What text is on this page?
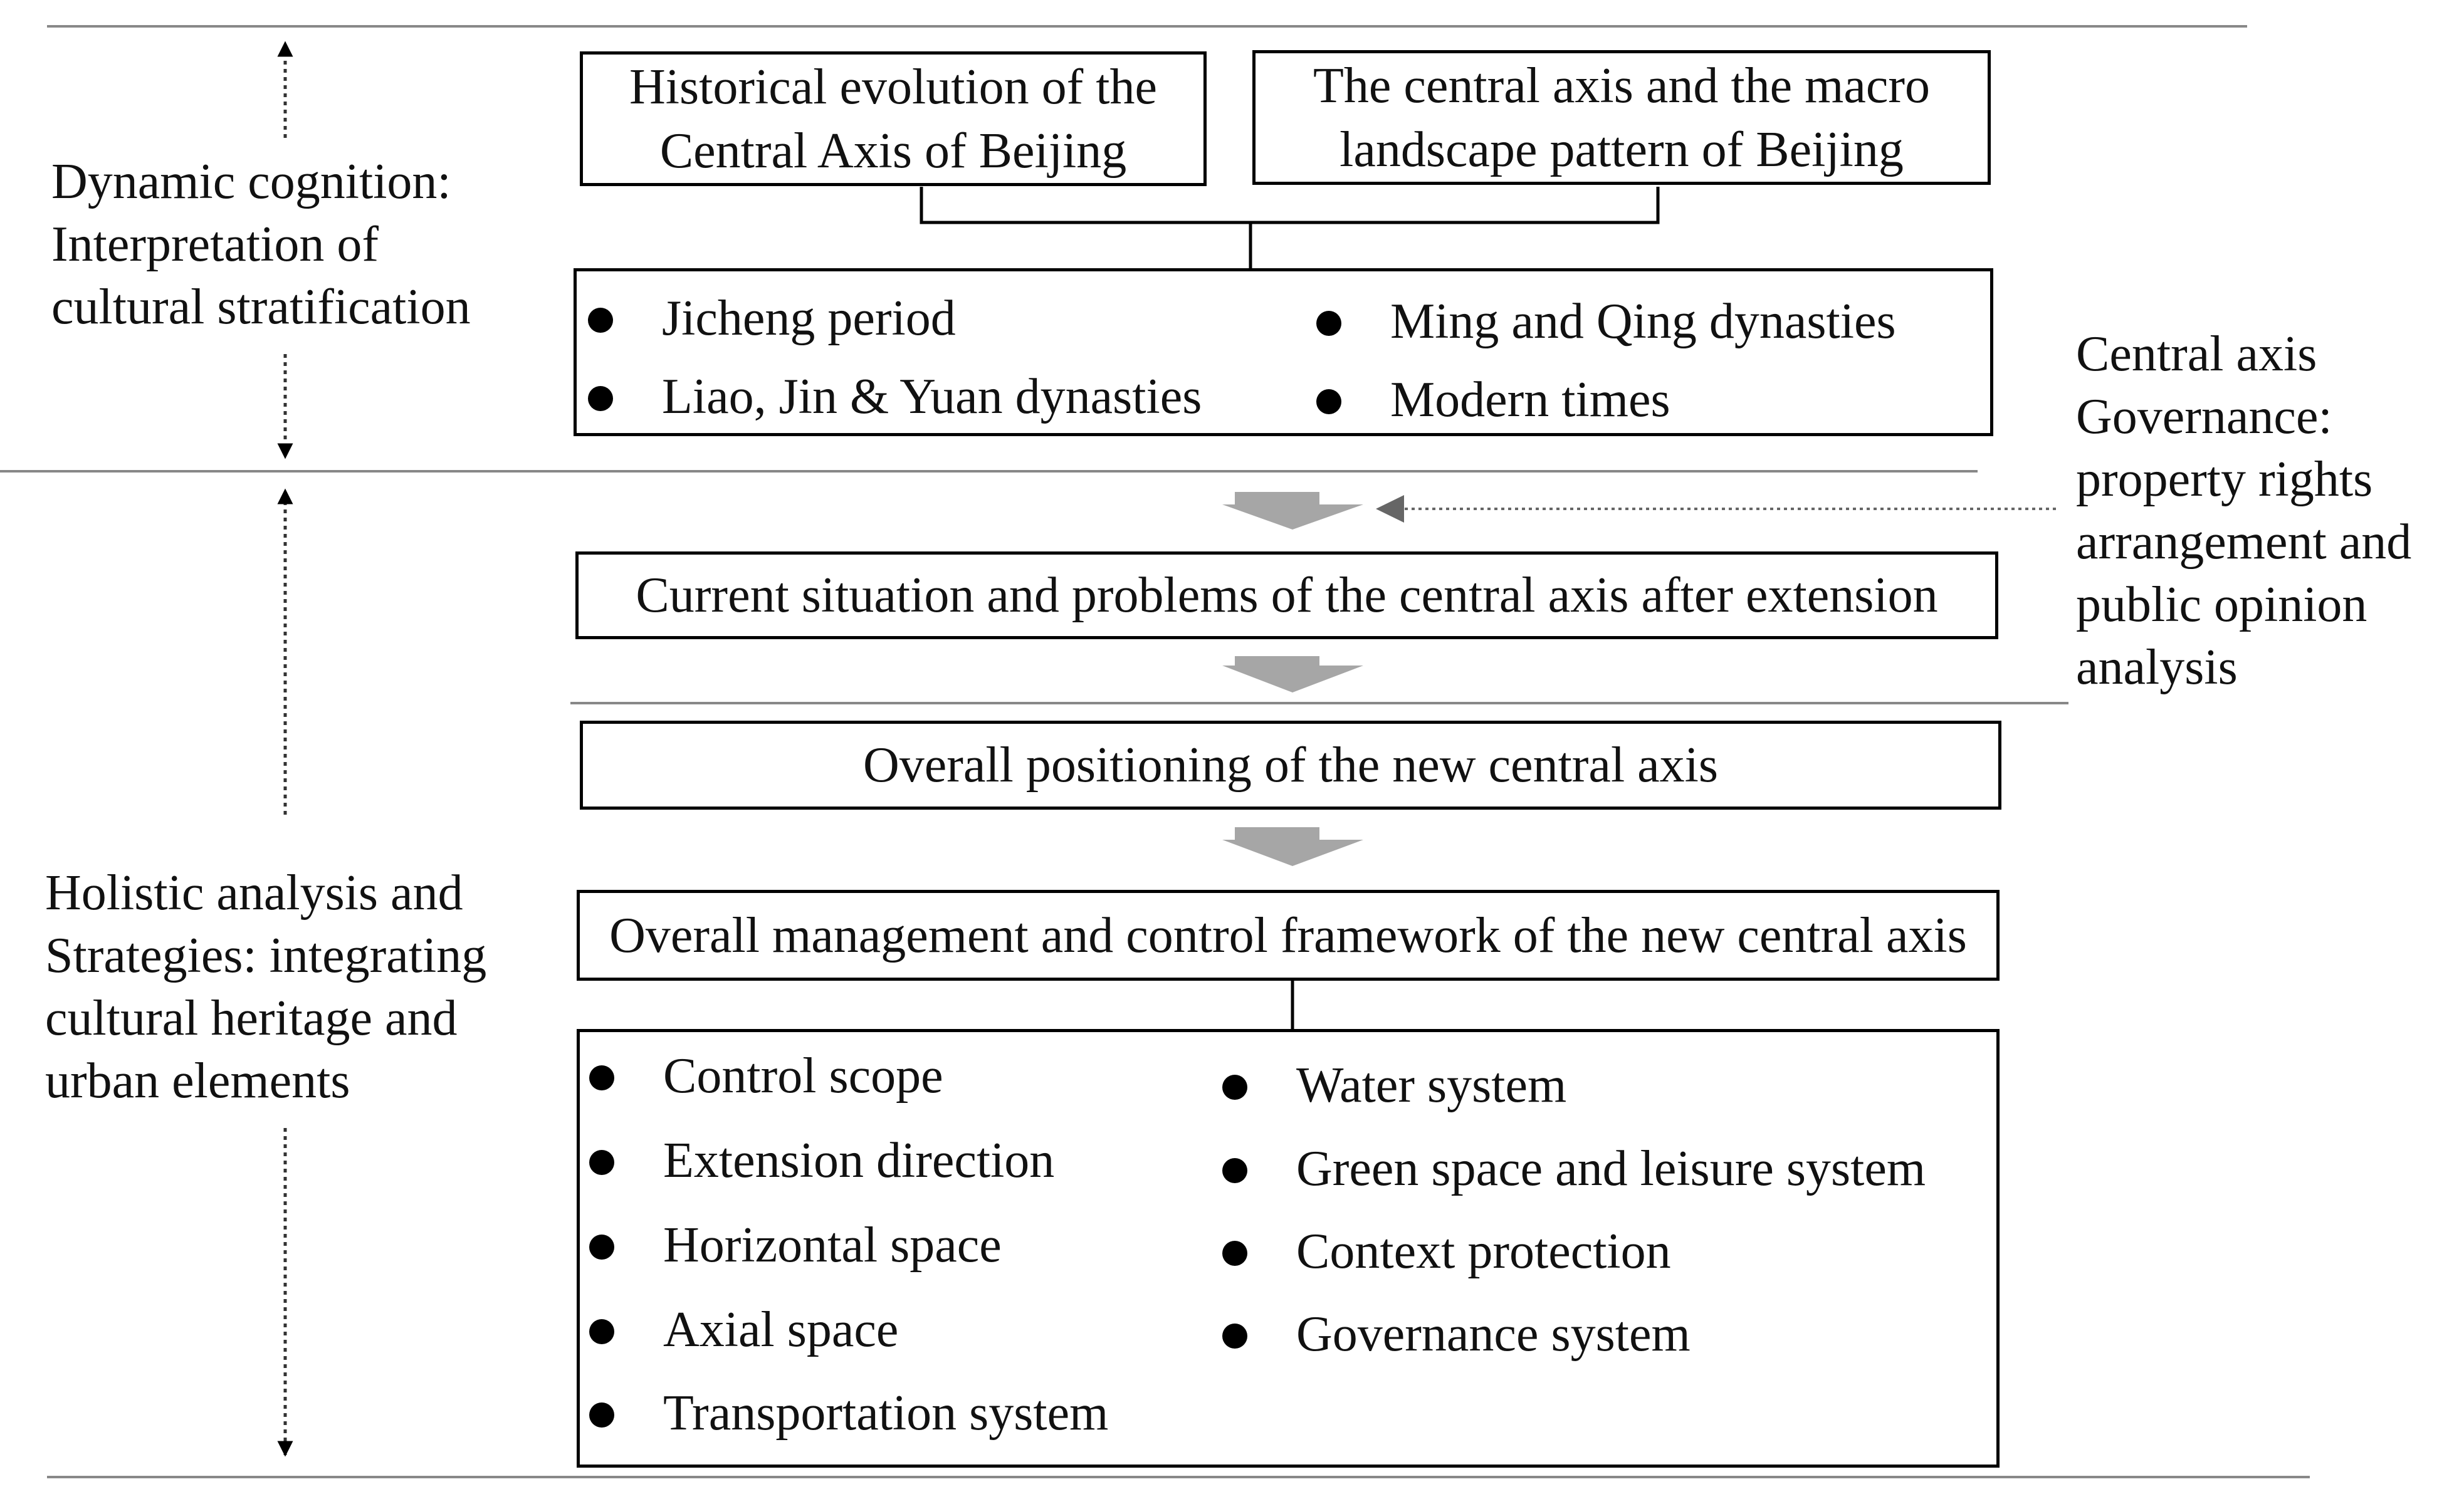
Dynamic cognition:
Interpretation of
cultural stratification
Holistic analysis and
Strategies: integrating
cultural heritage and
urban elements
Central axis
Governance:
property rights
arrangement and
public opinion
analysis
Historical evolution of the
Central Axis of Beijing
The central axis and the macro
landscape pattern of Beijing
Jicheng period
Liao, Jin & Yuan dynasties
Ming and Qing dynasties
Modern times
Current situation and problems of the central axis after extension
Overall positioning of the new central axis
Overall management and control framework of the new central axis
Control scope
Extension direction
Horizontal space
Axial space
Transportation system
Water system
Green space and leisure system
Context protection
Governance system
